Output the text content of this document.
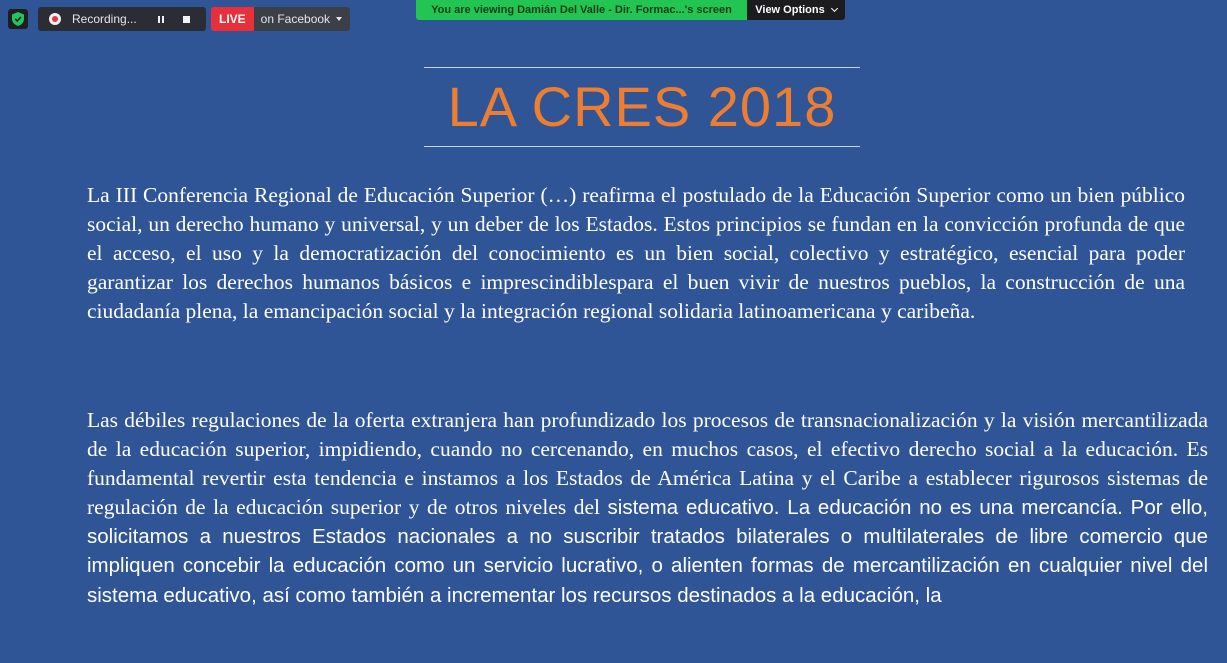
Recording...	LIVE	on Facebook
You are viewing Damián Del Valle - Dir. Formac...'s screen	View Options
LA CRES 2018

La III Conferencia Regional de Educación Superior (…) reafirma el postulado de la Educación Superior como un bien público social, un derecho humano y universal, y un deber de los Estados. Estos principios se fundan en la convicción profunda de que el acceso, el uso y la democratización del conocimiento es un bien social, colectivo y estratégico, esencial para poder garantizar los derechos humanos básicos e imprescindiblespara el buen vivir de nuestros pueblos, la construcción de una ciudadanía plena, la emancipación social y la integración regional solidaria latinoamericana y caribeña.

Las débiles regulaciones de la oferta extranjera han profundizado los procesos de transnacionalización y la visión mercantilizada de la educación superior, impidiendo, cuando no cercenando, en muchos casos, el efectivo derecho social a la educación. Es fundamental revertir esta tendencia e instamos a los Estados de América Latina y el Caribe a establecer rigurosos sistemas de regulación de la educación superior y de otros niveles del sistema educativo. La educación no es una mercancía. Por ello, solicitamos a nuestros Estados nacionales a no suscribir tratados bilaterales o multilaterales de libre comercio que impliquen concebir la educación como un servicio lucrativo, o alienten formas de mercantilización en cualquier nivel del sistema educativo, así como también a incrementar los recursos destinados a la educación, la
